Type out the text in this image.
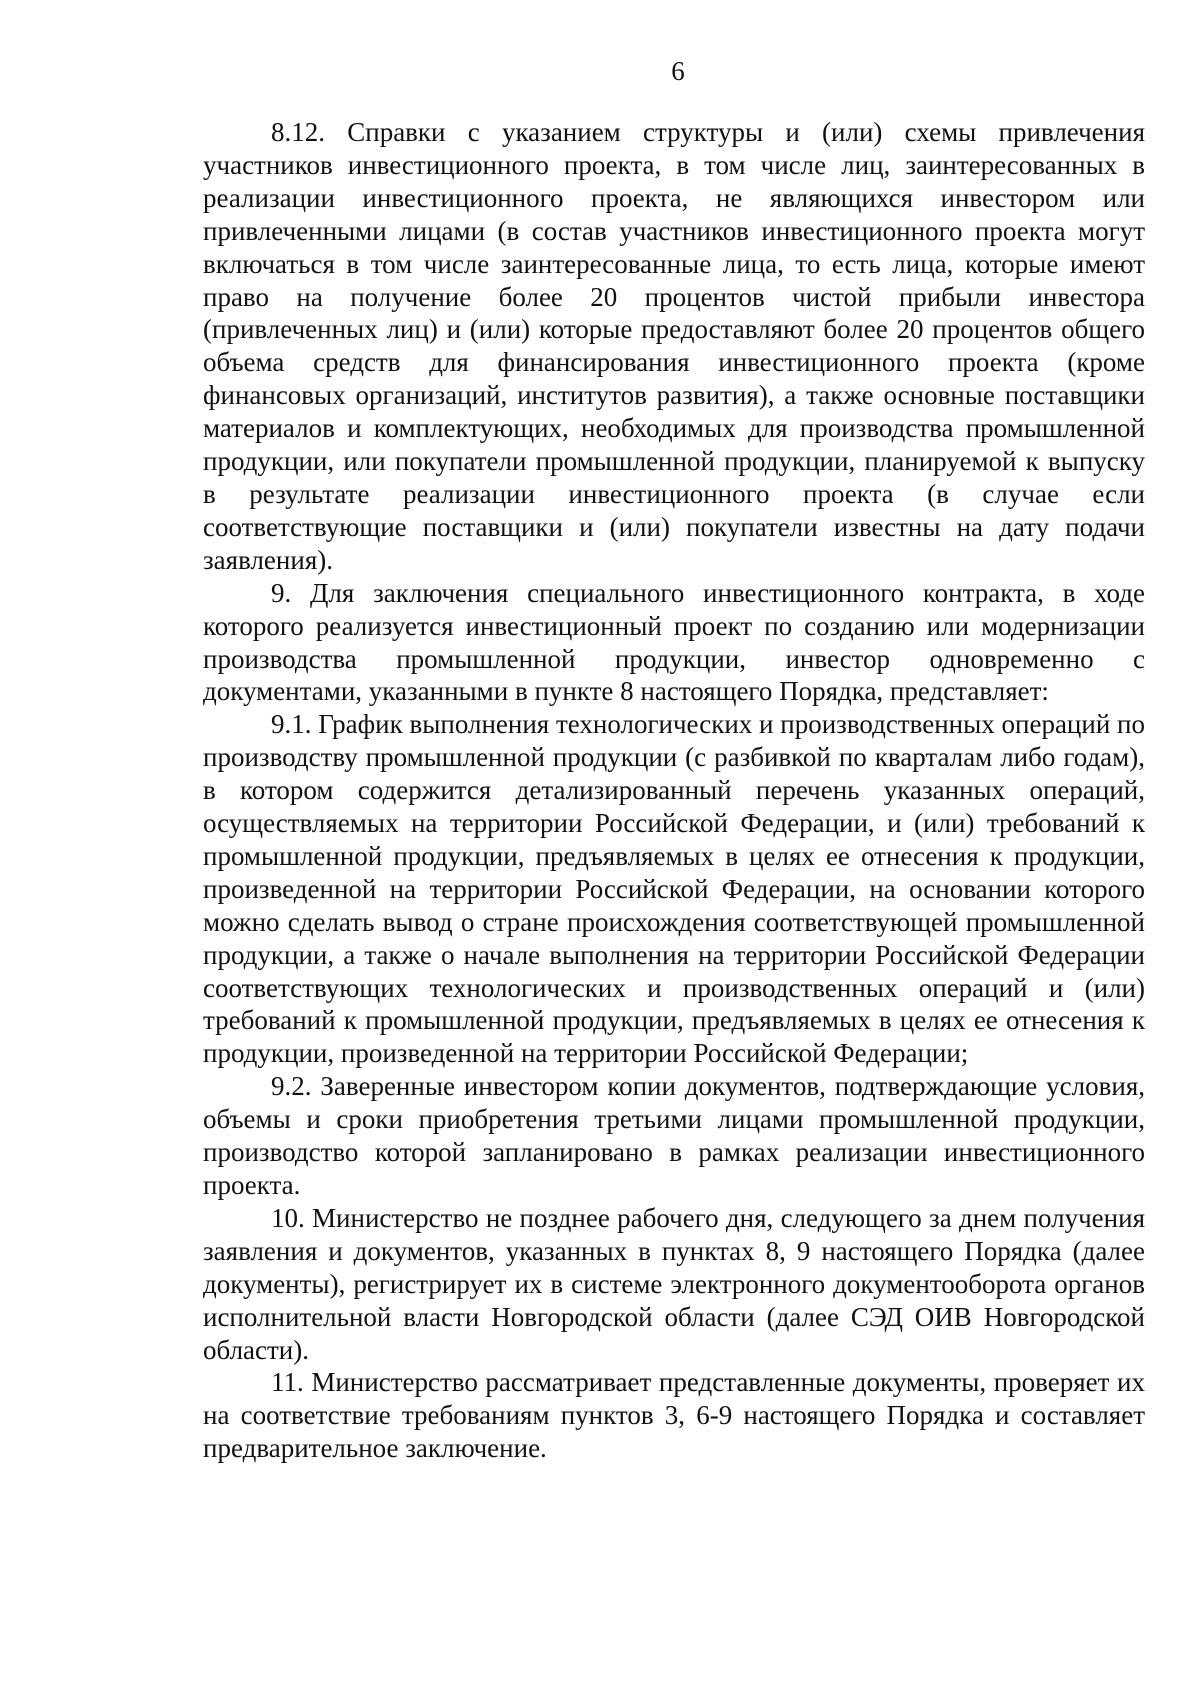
6

8.12. Справки с указанием структуры и (или) схемы привлечения участников инвестиционного проекта, в том числе лиц, заинтересованных в реализации инвестиционного проекта, не являющихся инвестором или привлеченными лицами (в состав участников инвестиционного проекта могут включаться в том числе заинтересованные лица, то есть лица, которые имеют право на получение более 20 процентов чистой прибыли инвестора (привлеченных лиц) и (или) которые предоставляют более 20 процентов общего объема средств для финансирования инвестиционного проекта (кроме финансовых организаций, институтов развития), а также основные поставщики материалов и комплектующих, необходимых для производства промышленной продукции, или покупатели промышленной продукции, планируемой к выпуску в результате реализации инвестиционного проекта (в случае если соответствующие поставщики и (или) покупатели известны на дату подачи заявления).

9. Для заключения специального инвестиционного контракта, в ходе которого реализуется инвестиционный проект по созданию или модернизации производства промышленной продукции, инвестор одновременно с документами, указанными в пункте 8 настоящего Порядка, представляет:

9.1. График выполнения технологических и производственных операций по производству промышленной продукции (с разбивкой по кварталам либо годам), в котором содержится детализированный перечень указанных операций, осуществляемых на территории Российской Федерации, и (или) требований к промышленной продукции, предъявляемых в целях ее отнесения к продукции, произведенной на территории Российской Федерации, на основании которого можно сделать вывод о стране происхождения соответствующей промышленной продукции, а также о начале выполнения на территории Российской Федерации соответствующих технологических и производственных операций и (или) требований к промышленной продукции, предъявляемых в целях ее отнесения к продукции, произведенной на территории Российской Федерации;

9.2. Заверенные инвестором копии документов, подтверждающие условия, объемы и сроки приобретения третьими лицами промышленной продукции, производство которой запланировано в рамках реализации инвестиционного проекта.

10. Министерство не позднее рабочего дня, следующего за днем получения заявления и документов, указанных в пунктах 8, 9 настоящего Порядка (далее документы), регистрирует их в системе электронного документооборота органов исполнительной власти Новгородской области (далее СЭД ОИВ Новгородской области).

11. Министерство рассматривает представленные документы, проверяет их на соответствие требованиям пунктов 3, 6-9 настоящего Порядка и составляет предварительное заключение.
